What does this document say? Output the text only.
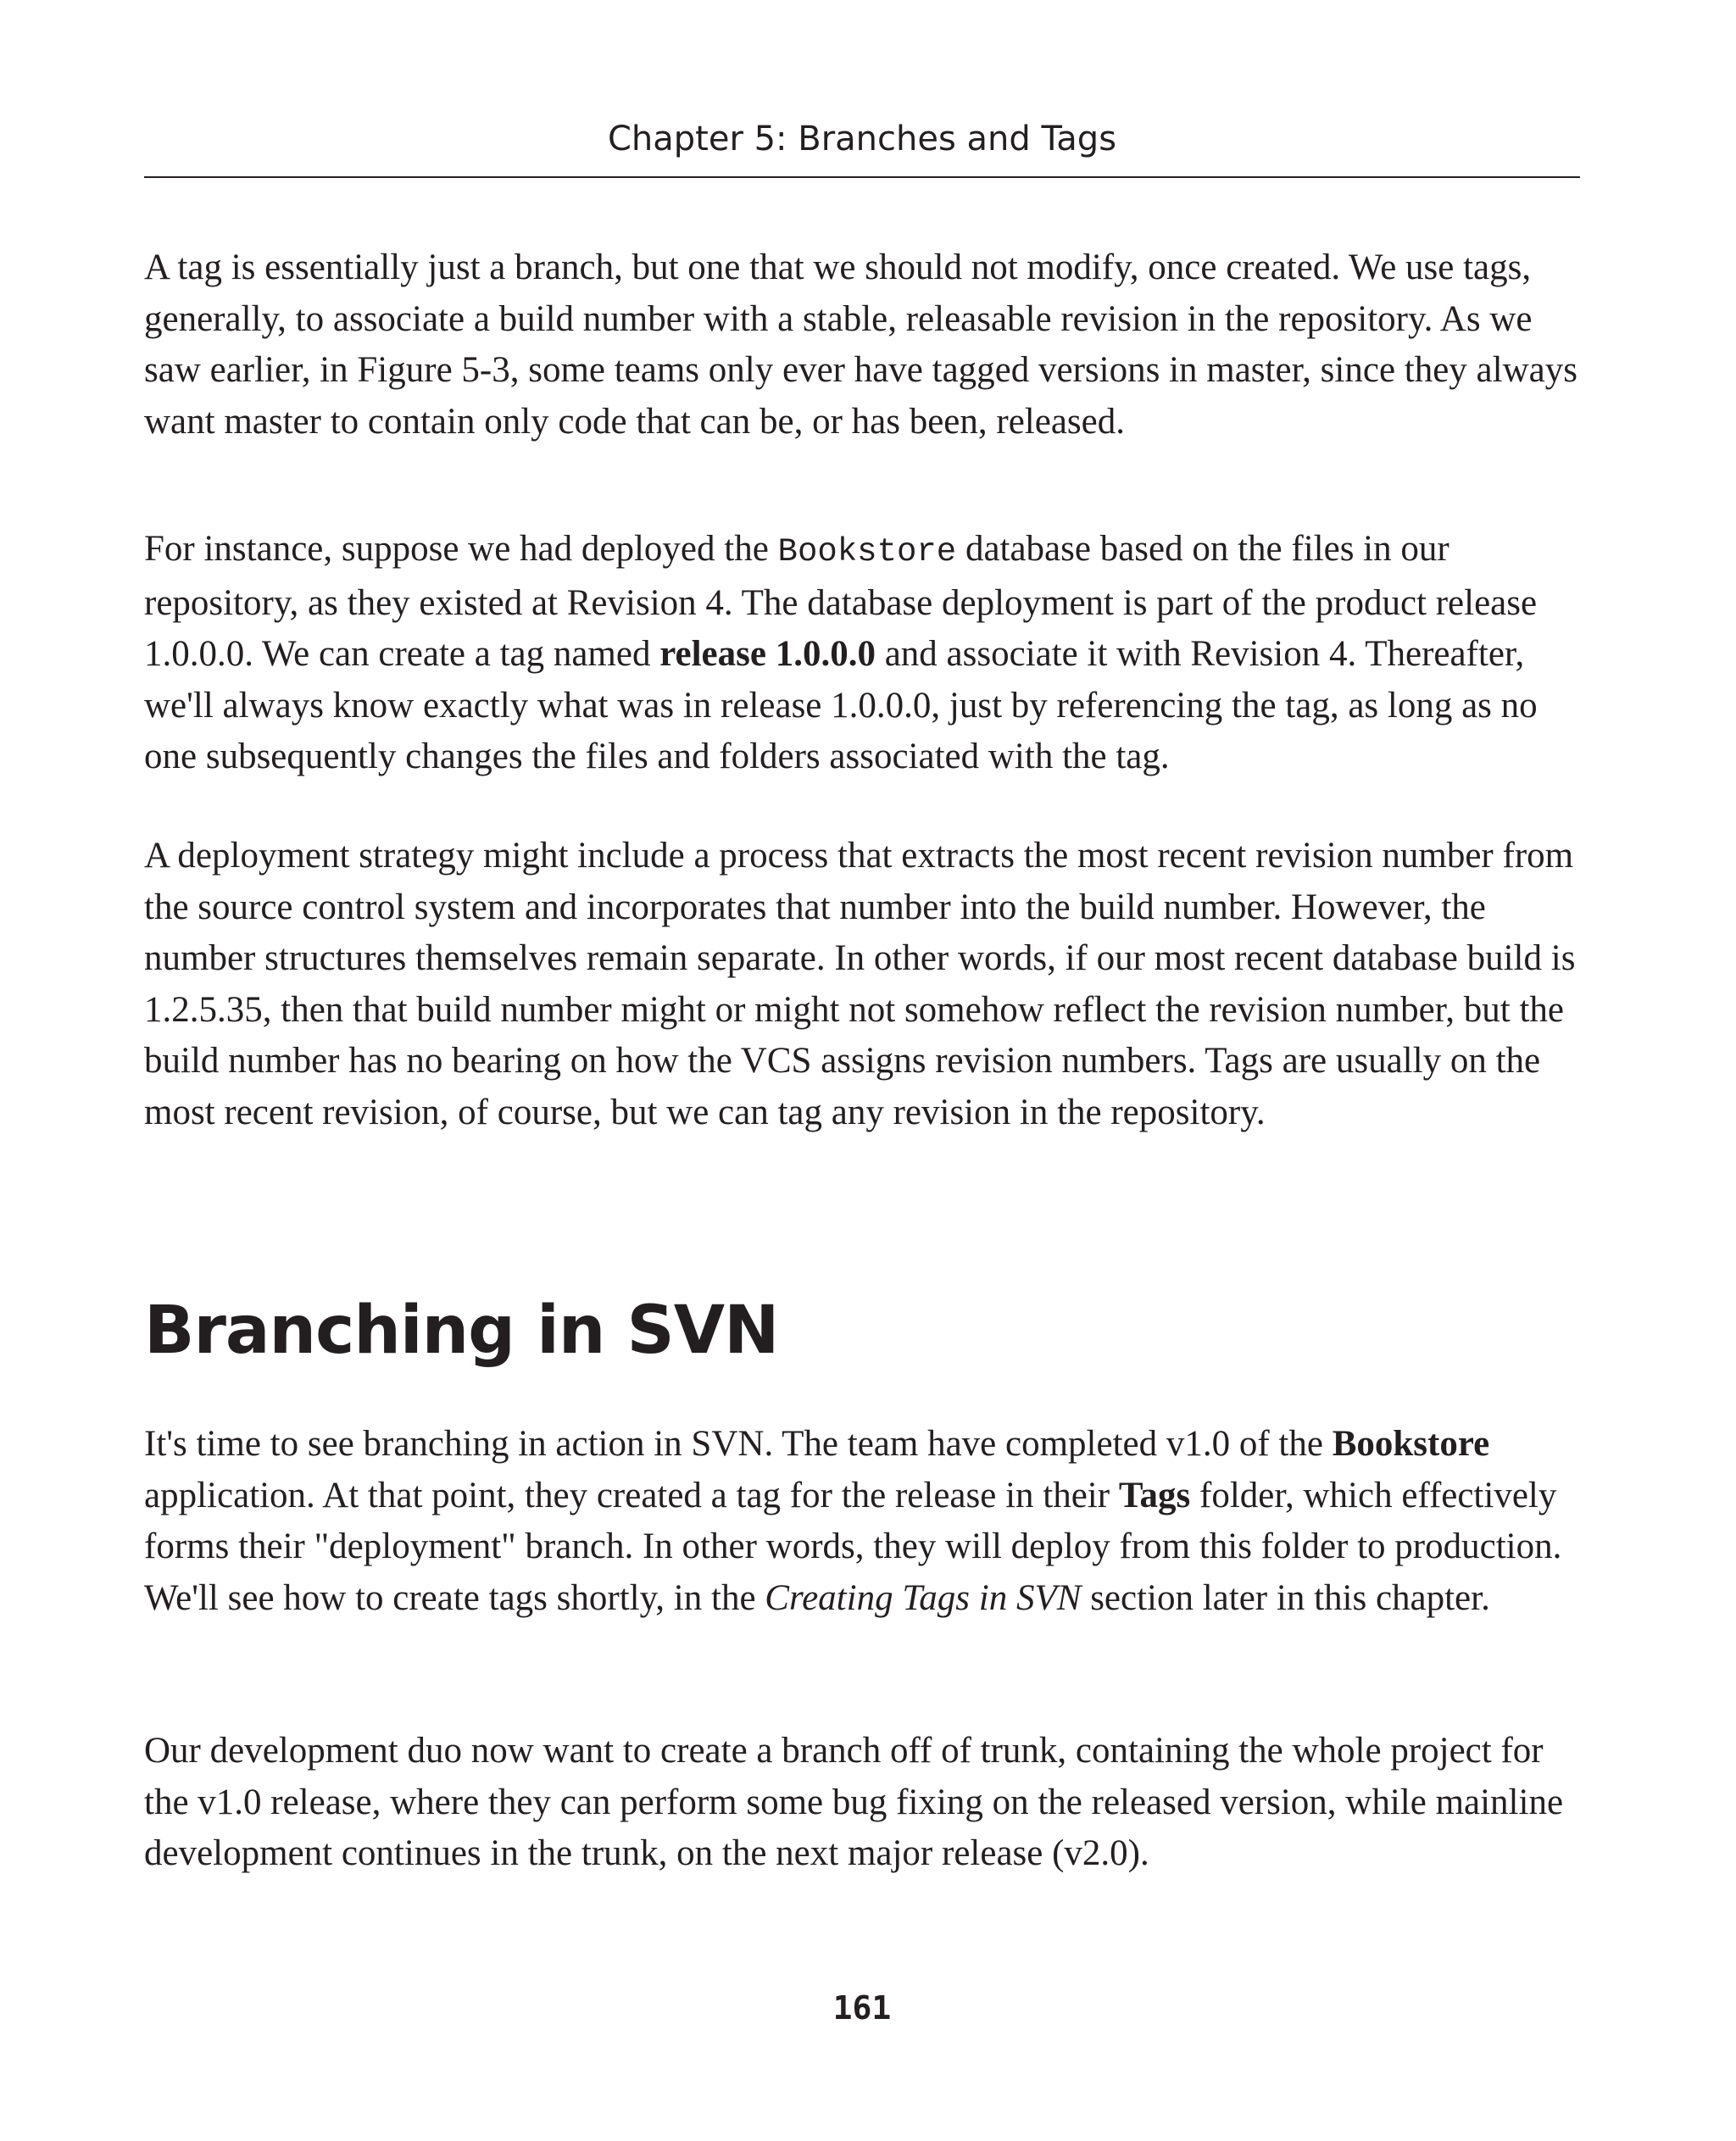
Chapter 5: Branches and Tags

A tag is essentially just a branch, but one that we should not modify, once created. We use tags, generally, to associate a build number with a stable, releasable revision in the repository. As we saw earlier, in Figure 5-3, some teams only ever have tagged versions in master, since they always want master to contain only code that can be, or has been, released.

For instance, suppose we had deployed the Bookstore database based on the files in our repository, as they existed at Revision 4. The database deployment is part of the product release 1.0.0.0. We can create a tag named release 1.0.0.0 and associate it with Revision 4. Thereafter, we'll always know exactly what was in release 1.0.0.0, just by referencing the tag, as long as no one subsequently changes the files and folders associated with the tag.

A deployment strategy might include a process that extracts the most recent revision number from the source control system and incorporates that number into the build number. However, the number structures themselves remain separate. In other words, if our most recent database build is 1.2.5.35, then that build number might or might not somehow reflect the revision number, but the build number has no bearing on how the VCS assigns revision numbers. Tags are usually on the most recent revision, of course, but we can tag any revision in the repository.

Branching in SVN

It's time to see branching in action in SVN. The team have completed v1.0 of the Bookstore application. At that point, they created a tag for the release in their Tags folder, which effectively forms their "deployment" branch. In other words, they will deploy from this folder to production. We'll see how to create tags shortly, in the Creating Tags in SVN section later in this chapter.

Our development duo now want to create a branch off of trunk, containing the whole project for the v1.0 release, where they can perform some bug fixing on the released version, while mainline development continues in the trunk, on the next major release (v2.0).

161
